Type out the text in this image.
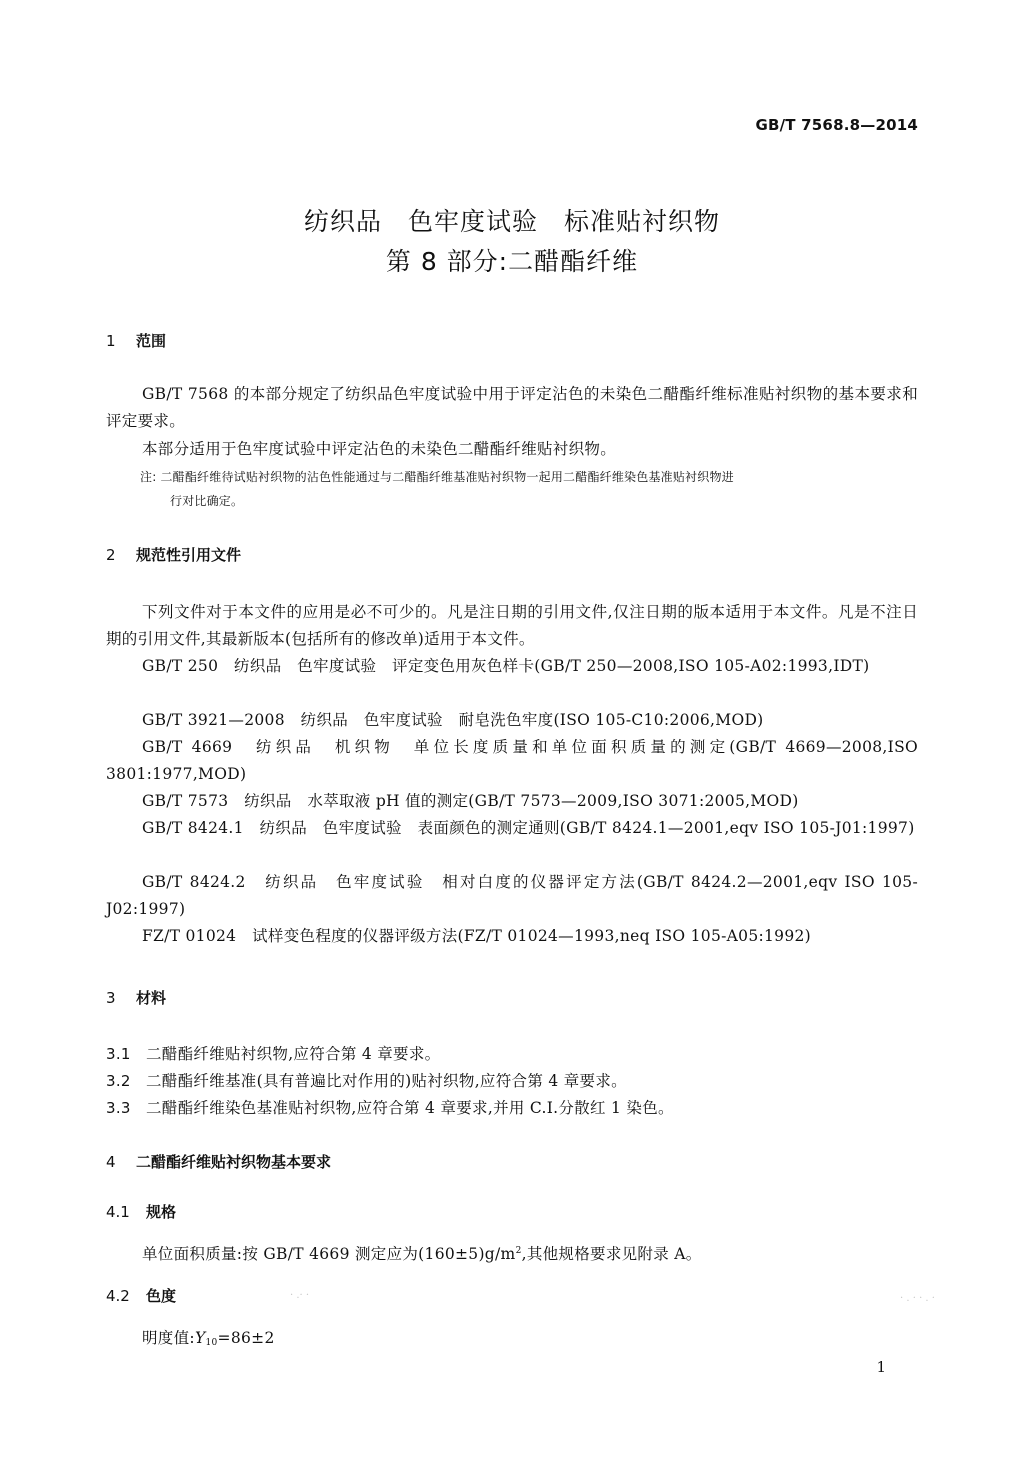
GB/T 7568.8—2014
纺织品　色牢度试验　标准贴衬织物
第 8 部分:二醋酯纤维
1 范围
GB/T 7568 的本部分规定了纺织品色牢度试验中用于评定沾色的未染色二醋酯纤维标准贴衬织物的基本要求和评定要求。
本部分适用于色牢度试验中评定沾色的未染色二醋酯纤维贴衬织物。
注: 二醋酯纤维待试贴衬织物的沾色性能通过与二醋酯纤维基准贴衬织物一起用二醋酯纤维染色基准贴衬织物进
行对比确定。
2 规范性引用文件
下列文件对于本文件的应用是必不可少的。凡是注日期的引用文件,仅注日期的版本适用于本文件。凡是不注日期的引用文件,其最新版本(包括所有的修改单)适用于本文件。
GB/T 250　纺织品　色牢度试验　评定变色用灰色样卡(GB/T 250—2008,ISO 105-A02:1993,IDT)
GB/T 3921—2008　纺织品　色牢度试验　耐皂洗色牢度(ISO 105-C10:2006,MOD)
GB/T 4669　纺织品　机织物　单位长度质量和单位面积质量的测定(GB/T 4669—2008,ISO 3801:1977,MOD)
GB/T 7573　纺织品　水萃取液 pH 值的测定(GB/T 7573—2009,ISO 3071:2005,MOD)
GB/T 8424.1　纺织品　色牢度试验　表面颜色的测定通则(GB/T 8424.1—2001,eqv ISO 105-J01:1997)
GB/T 8424.2　纺织品　色牢度试验　相对白度的仪器评定方法(GB/T 8424.2—2001,eqv ISO 105-J02:1997)
FZ/T 01024　试样变色程度的仪器评级方法(FZ/T 01024—1993,neq ISO 105-A05:1992)
3 材料
3.1 二醋酯纤维贴衬织物,应符合第 4 章要求。
3.2 二醋酯纤维基准(具有普遍比对作用的)贴衬织物,应符合第 4 章要求。
3.3 二醋酯纤维染色基准贴衬织物,应符合第 4 章要求,并用 C.I.分散红 1 染色。
4 二醋酯纤维贴衬织物基本要求
4.1 规格
单位面积质量:按 GB/T 4669 测定应为$(160\pm 5)g/m^2$,其他规格要求见附录 A。
4.2 色度
明度值$:Y_{10}=86\pm 2$
1
· .· ·	· . · · . ·
